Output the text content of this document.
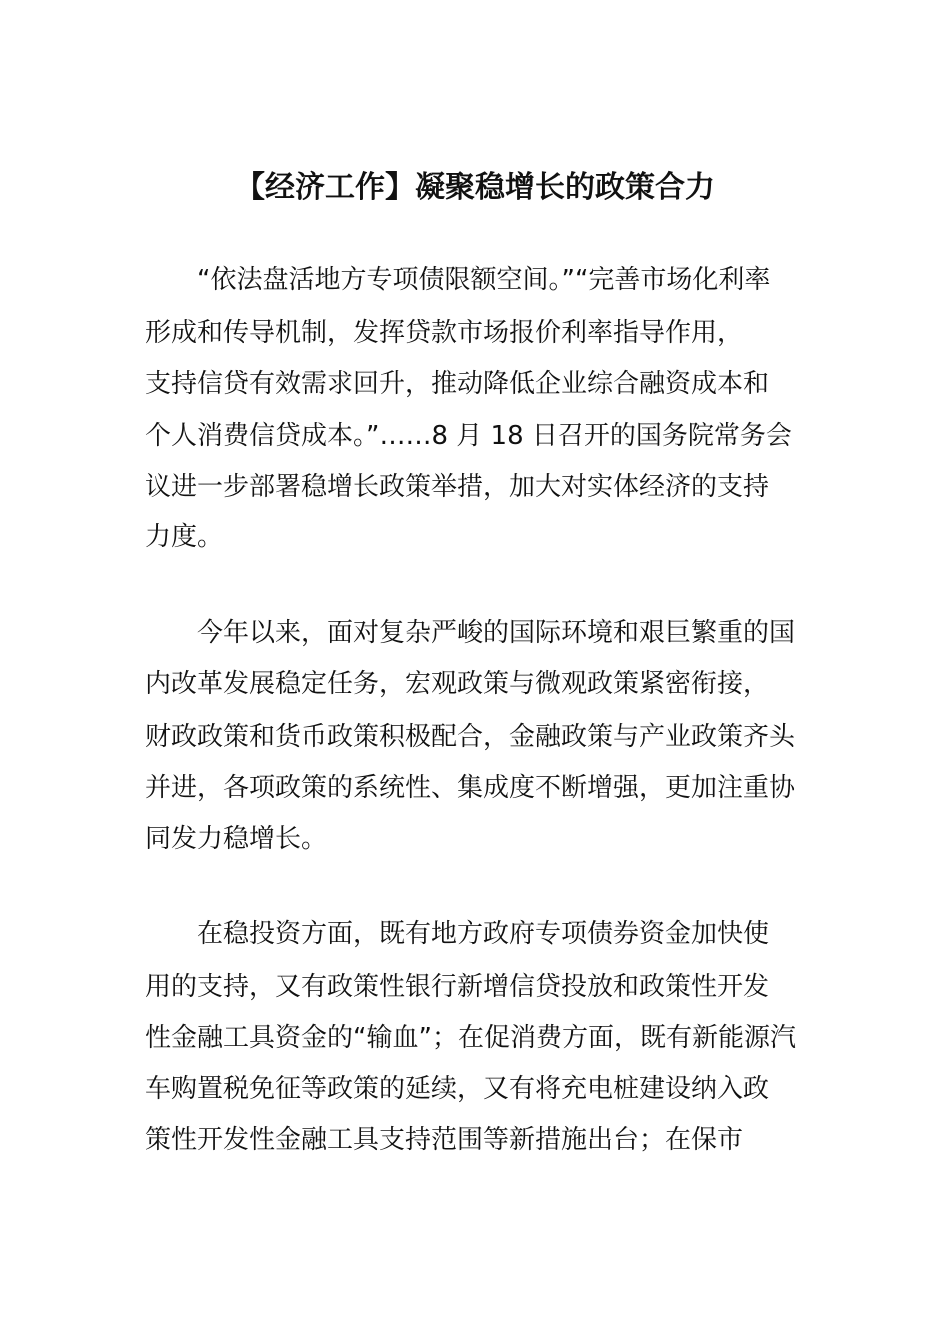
【经济工作】凝聚稳增长的政策合力
“依法盘活地方专项债限额空间。”“完善市场化利率
形成和传导机制，发挥贷款市场报价利率指导作用，
支持信贷有效需求回升，推动降低企业综合融资成本和
个人消费信贷成本。”……8 月 18 日召开的国务院常务会
议进一步部署稳增长政策举措，加大对实体经济的支持
力度。
今年以来，面对复杂严峻的国际环境和艰巨繁重的国
内改革发展稳定任务，宏观政策与微观政策紧密衔接，
财政政策和货币政策积极配合，金融政策与产业政策齐头
并进，各项政策的系统性、集成度不断增强，更加注重协
同发力稳增长。
在稳投资方面，既有地方政府专项债券资金加快使
用的支持，又有政策性银行新增信贷投放和政策性开发
性金融工具资金的“输血”；在促消费方面，既有新能源汽
车购置税免征等政策的延续，又有将充电桩建设纳入政
策性开发性金融工具支持范围等新措施出台；在保市
